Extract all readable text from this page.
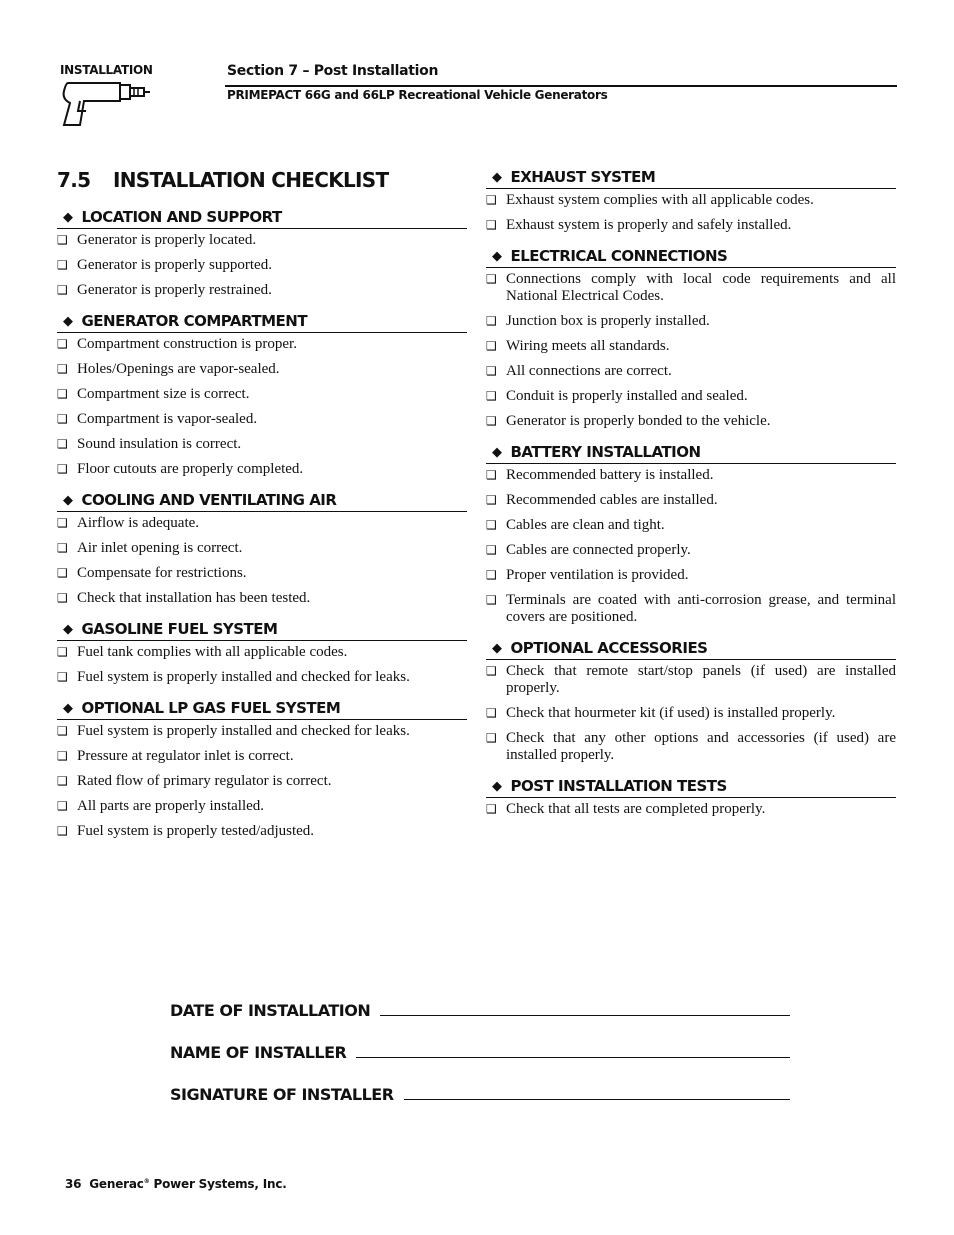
INSTALLATION	Section 7 – Post Installation
PRIMEPACT 66G and 66LP Recreational Vehicle Generators
7.5	INSTALLATION CHECKLIST
◆ LOCATION AND SUPPORT
❑ Generator is properly located.
❑ Generator is properly supported.
❑ Generator is properly restrained.
◆ GENERATOR COMPARTMENT
❑ Compartment construction is proper.
❑ Holes/Openings are vapor-sealed.
❑ Compartment size is correct.
❑ Compartment is vapor-sealed.
❑ Sound insulation is correct.
❑ Floor cutouts are properly completed.
◆ COOLING AND VENTILATING AIR
❑ Airflow is adequate.
❑ Air inlet opening is correct.
❑ Compensate for restrictions.
❑ Check that installation has been tested.
◆ GASOLINE FUEL SYSTEM
❑ Fuel tank complies with all applicable codes.
❑ Fuel system is properly installed and checked for leaks.
◆ OPTIONAL LP GAS FUEL SYSTEM
❑ Fuel system is properly installed and checked for leaks.
❑ Pressure at regulator inlet is correct.
❑ Rated flow of primary regulator is correct.
❑ All parts are properly installed.
❑ Fuel system is properly tested/adjusted.
◆ EXHAUST SYSTEM
❑ Exhaust system complies with all applicable codes.
❑ Exhaust system is properly and safely installed.
◆ ELECTRICAL CONNECTIONS
❑ Connections comply with local code requirements and all National Electrical Codes.
❑ Junction box is properly installed.
❑ Wiring meets all standards.
❑ All connections are correct.
❑ Conduit is properly installed and sealed.
❑ Generator is properly bonded to the vehicle.
◆ BATTERY INSTALLATION
❑ Recommended battery is installed.
❑ Recommended cables are installed.
❑ Cables are clean and tight.
❑ Cables are connected properly.
❑ Proper ventilation is provided.
❑ Terminals are coated with anti-corrosion grease, and terminal covers are positioned.
◆ OPTIONAL ACCESSORIES
❑ Check that remote start/stop panels (if used) are installed properly.
❑ Check that hourmeter kit (if used) is installed properly.
❑ Check that any other options and accessories (if used) are installed properly.
◆ POST INSTALLATION TESTS
❑ Check that all tests are completed properly.
DATE OF INSTALLATION
NAME OF INSTALLER
SIGNATURE OF INSTALLER
36 Generac® Power Systems, Inc.
